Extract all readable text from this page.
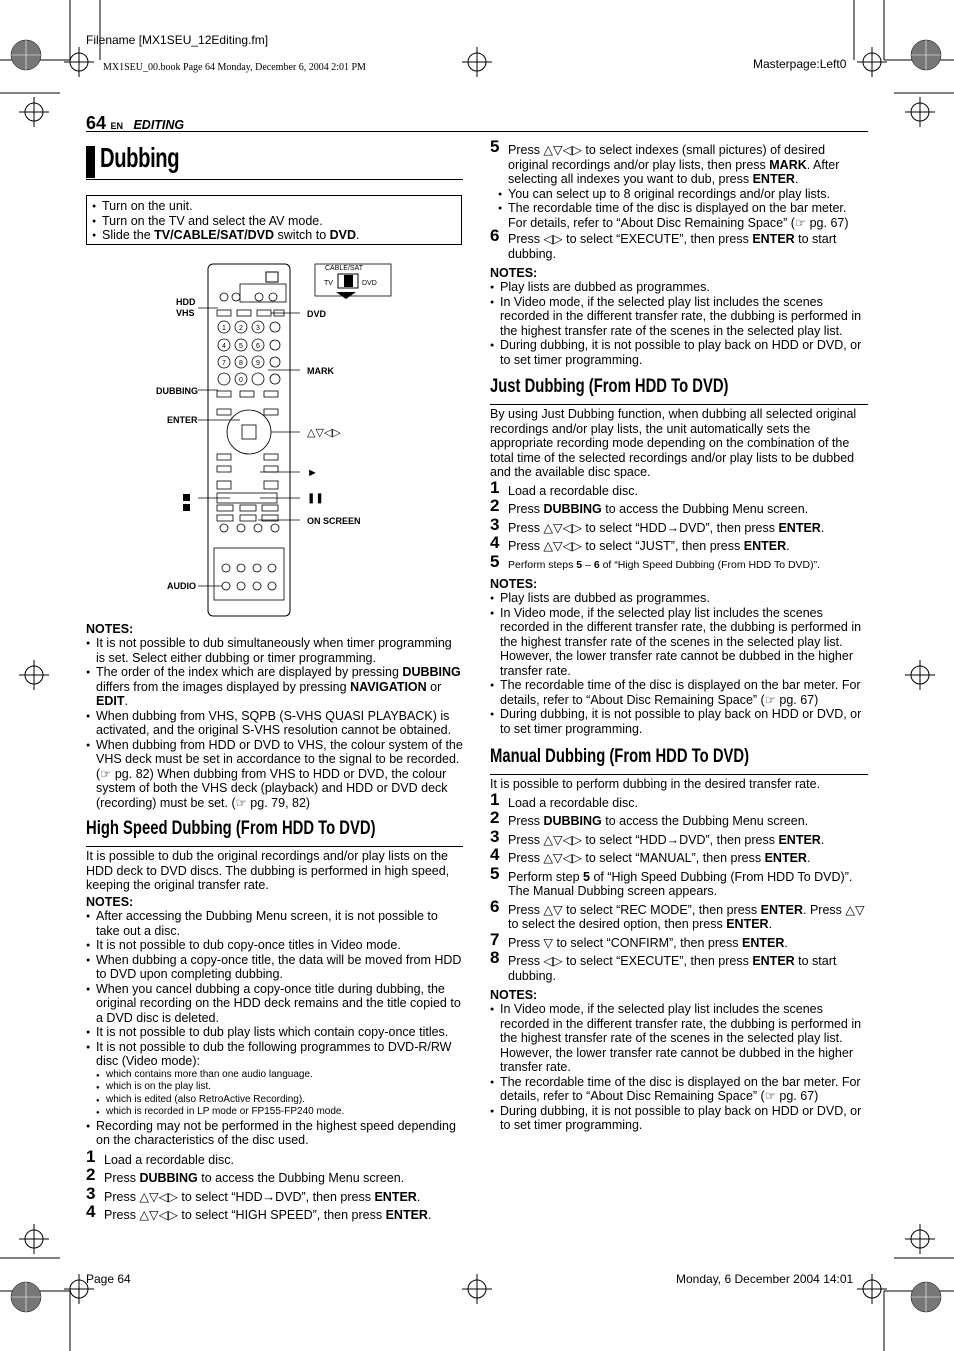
Filename [MX1SEU_12Editing.fm]
MX1SEU_00.book Page 64 Monday, December 6, 2004 2:01 PM	Masterpage:Left0
64 EN EDITING
Dubbing
● Turn on the unit.
● Turn on the TV and select the AV mode.
● Slide the TV/CABLE/SAT/DVD switch to DVD.
1 2 3
4 5 6
7 8 9
0
CABLE/SAT
TV	DVD
HDD
VHS	DVD
MARK
DUBBING
ENTER
△▽◁▷
►
❚❚
ON SCREEN
AUDIO
NOTES:
● It is not possible to dub simultaneously when timer programming is set. Select either dubbing or timer programming.
● The order of the index which are displayed by pressing DUBBING differs from the images displayed by pressing NAVIGATION or EDIT.
● When dubbing from VHS, SQPB (S-VHS QUASI PLAYBACK) is activated, and the original S-VHS resolution cannot be obtained.
● When dubbing from HDD or DVD to VHS, the colour system of the VHS deck must be set in accordance to the signal to be recorded. (☞ pg. 82) When dubbing from VHS to HDD or DVD, the colour system of both the VHS deck (playback) and HDD or DVD deck (recording) must be set. (☞ pg. 79, 82)
High Speed Dubbing (From HDD To DVD)
It is possible to dub the original recordings and/or play lists on the HDD deck to DVD discs. The dubbing is performed in high speed, keeping the original transfer rate.
NOTES:
● After accessing the Dubbing Menu screen, it is not possible to take out a disc.
● It is not possible to dub copy-once titles in Video mode.
● When dubbing a copy-once title, the data will be moved from HDD to DVD upon completing dubbing.
● When you cancel dubbing a copy-once title during dubbing, the original recording on the HDD deck remains and the title copied to a DVD disc is deleted.
● It is not possible to dub play lists which contain copy-once titles.
● It is not possible to dub the following programmes to DVD-R/RW disc (Video mode):
● which contains more than one audio language.
● which is on the play list.
● which is edited (also RetroActive Recording).
● which is recorded in LP mode or FP155-FP240 mode.
● Recording may not be performed in the highest speed depending on the characteristics of the disc used.
1 Load a recordable disc.
2 Press DUBBING to access the Dubbing Menu screen.
3 Press △▽◁▷ to select “HDD→DVD”, then press ENTER.
4 Press △▽◁▷ to select “HIGH SPEED”, then press ENTER.
5 Press △▽◁▷ to select indexes (small pictures) of desired original recordings and/or play lists, then press MARK. After selecting all indexes you want to dub, press ENTER.
● You can select up to 8 original recordings and/or play lists.
● The recordable time of the disc is displayed on the bar meter. For details, refer to “About Disc Remaining Space” (☞ pg. 67)
6 Press ◁▷ to select “EXECUTE”, then press ENTER to start dubbing.
NOTES:
● Play lists are dubbed as programmes.
● In Video mode, if the selected play list includes the scenes recorded in the different transfer rate, the dubbing is performed in the highest transfer rate of the scenes in the selected play list.
● During dubbing, it is not possible to play back on HDD or DVD, or to set timer programming.
Just Dubbing (From HDD To DVD)
By using Just Dubbing function, when dubbing all selected original recordings and/or play lists, the unit automatically sets the appropriate recording mode depending on the combination of the total time of the selected recordings and/or play lists to be dubbed and the available disc space.
1 Load a recordable disc.
2 Press DUBBING to access the Dubbing Menu screen.
3 Press △▽◁▷ to select “HDD→DVD”, then press ENTER.
4 Press △▽◁▷ to select “JUST”, then press ENTER.
5 Perform steps 5 – 6 of “High Speed Dubbing (From HDD To DVD)”.
NOTES:
● Play lists are dubbed as programmes.
● In Video mode, if the selected play list includes the scenes recorded in the different transfer rate, the dubbing is performed in the highest transfer rate of the scenes in the selected play list. However, the lower transfer rate cannot be dubbed in the higher transfer rate.
● The recordable time of the disc is displayed on the bar meter. For details, refer to “About Disc Remaining Space” (☞ pg. 67)
● During dubbing, it is not possible to play back on HDD or DVD, or to set timer programming.
Manual Dubbing (From HDD To DVD)
It is possible to perform dubbing in the desired transfer rate.
1 Load a recordable disc.
2 Press DUBBING to access the Dubbing Menu screen.
3 Press △▽◁▷ to select “HDD→DVD”, then press ENTER.
4 Press △▽◁▷ to select “MANUAL”, then press ENTER.
5 Perform step 5 of “High Speed Dubbing (From HDD To DVD)”. The Manual Dubbing screen appears.
6 Press △▽ to select “REC MODE”, then press ENTER. Press △▽ to select the desired option, then press ENTER.
7 Press ▽ to select “CONFIRM”, then press ENTER.
8 Press ◁▷ to select “EXECUTE”, then press ENTER to start dubbing.
NOTES:
● In Video mode, if the selected play list includes the scenes recorded in the different transfer rate, the dubbing is performed in the highest transfer rate of the scenes in the selected play list. However, the lower transfer rate cannot be dubbed in the higher transfer rate.
● The recordable time of the disc is displayed on the bar meter. For details, refer to “About Disc Remaining Space” (☞ pg. 67)
● During dubbing, it is not possible to play back on HDD or DVD, or to set timer programming.
Page 64	Monday, 6 December 2004 14:01
